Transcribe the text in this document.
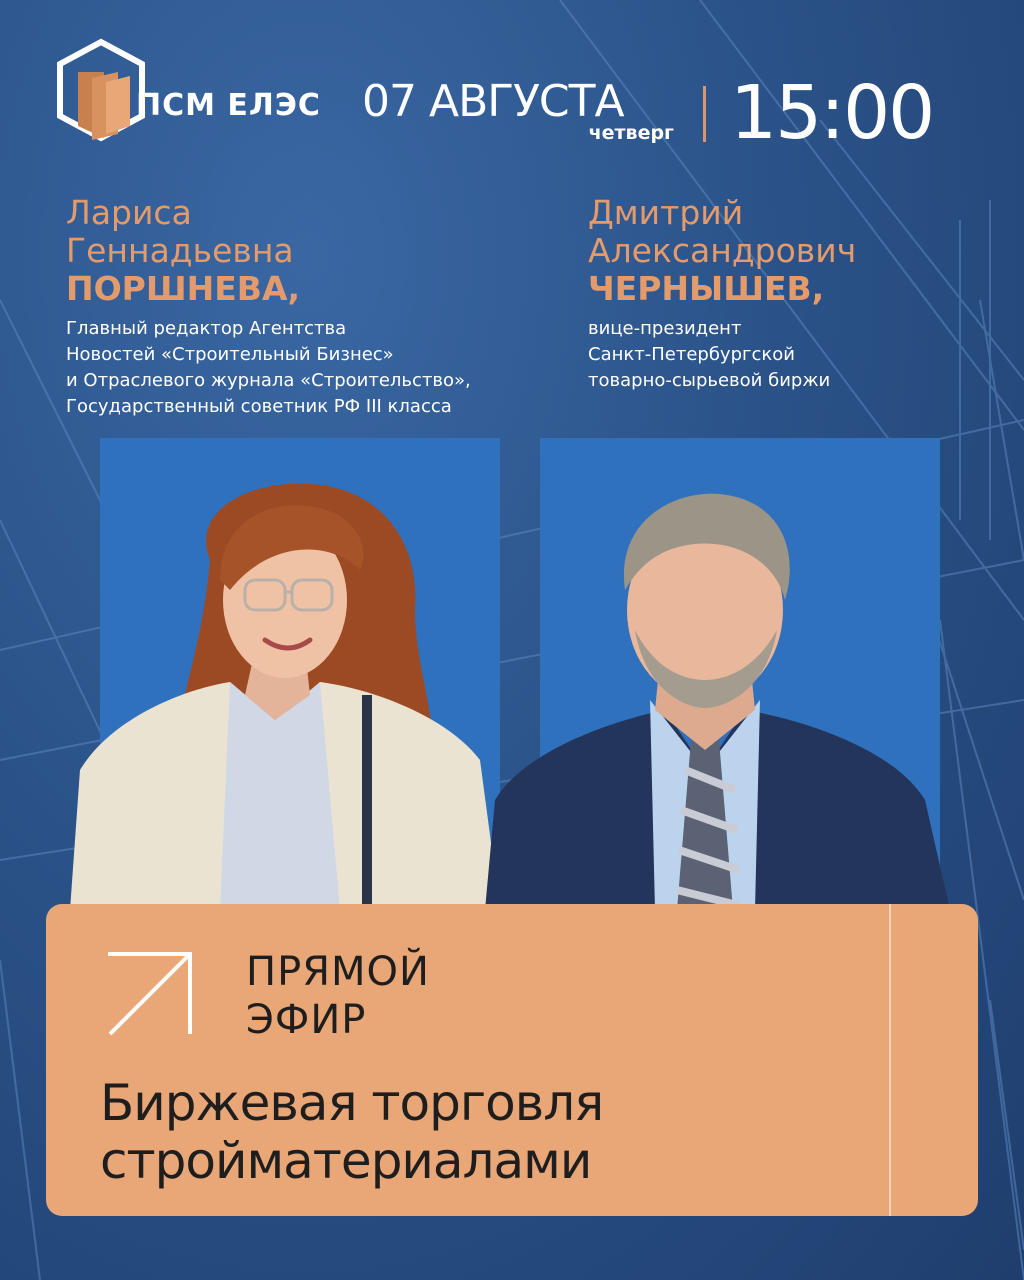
ПСМ ЕЛЭС 07 АВГУСТА
четверг 15:00
Лариса
Геннадьевна
ПОРШНЕВА,
Главный редактор Агентства
Новостей «Строительный Бизнес»
и Отраслевого журнала «Строительство»,
Государственный советник РФ III класса
Дмитрий
Александрович
ЧЕРНЫШЕВ,
вице-президент
Санкт-Петербургской
товарно-сырьевой биржи
ПРЯМОЙ
ЭФИР
Биржевая торговля
стройматериалами
